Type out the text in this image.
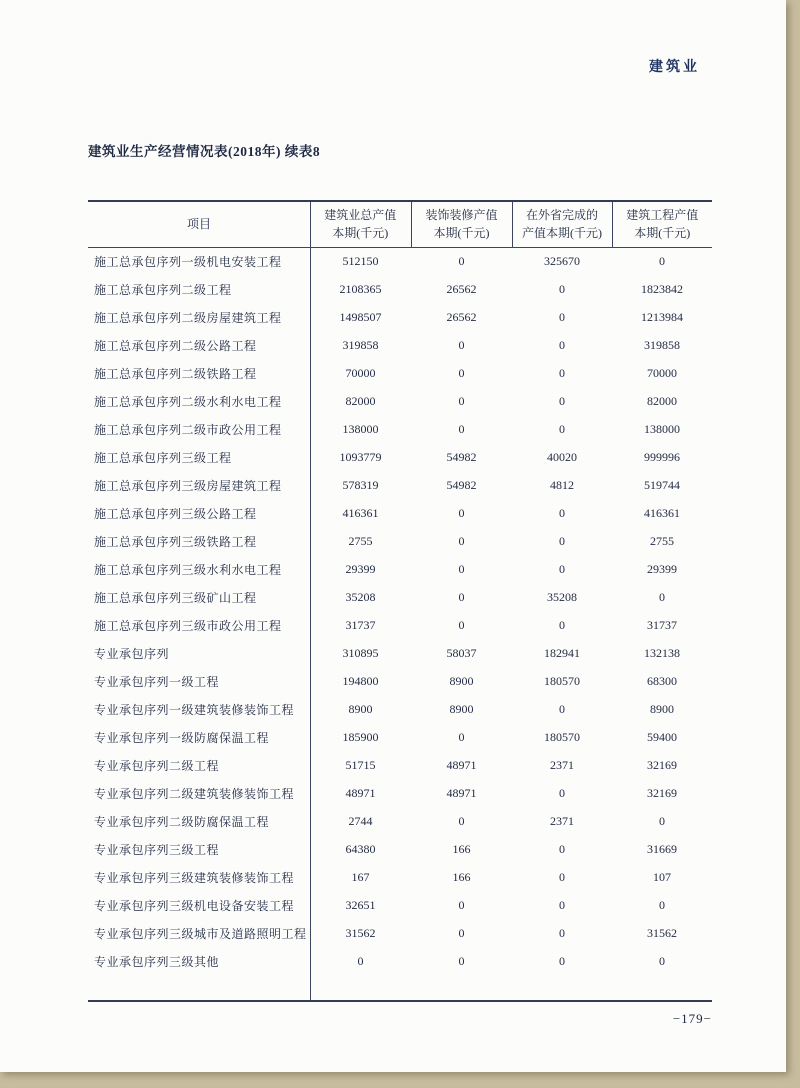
建筑业
建筑业生产经营情况表(2018年) 续表8
项目

建筑业总产值
本期(千元)

装饰装修产值
本期(千元)

在外省完成的
产值本期(千元)

建筑工程产值
本期(千元)

施工总承包序列一级机电安装工程	512150	0	325670	0
施工总承包序列二级工程	2108365	26562	0	1823842
施工总承包序列二级房屋建筑工程	1498507	26562	0	1213984
施工总承包序列二级公路工程	319858	0	0	319858
施工总承包序列二级铁路工程	70000	0	0	70000
施工总承包序列二级水利水电工程	82000	0	0	82000
施工总承包序列二级市政公用工程	138000	0	0	138000
施工总承包序列三级工程	1093779	54982	40020	999996
施工总承包序列三级房屋建筑工程	578319	54982	4812	519744
施工总承包序列三级公路工程	416361	0	0	416361
施工总承包序列三级铁路工程	2755	0	0	2755
施工总承包序列三级水利水电工程	29399	0	0	29399
施工总承包序列三级矿山工程	35208	0	35208	0
施工总承包序列三级市政公用工程	31737	0	0	31737
专业承包序列	310895	58037	182941	132138
专业承包序列一级工程	194800	8900	180570	68300
专业承包序列一级建筑装修装饰工程	8900	8900	0	8900
专业承包序列一级防腐保温工程	185900	0	180570	59400
专业承包序列二级工程	51715	48971	2371	32169
专业承包序列二级建筑装修装饰工程	48971	48971	0	32169
专业承包序列二级防腐保温工程	2744	0	2371	0
专业承包序列三级工程	64380	166	0	31669
专业承包序列三级建筑装修装饰工程	167	166	0	107
专业承包序列三级机电设备安装工程	32651	0	0	0
专业承包序列三级城市及道路照明工程	31562	0	0	31562
专业承包序列三级其他	0	0	0	0
−179−
